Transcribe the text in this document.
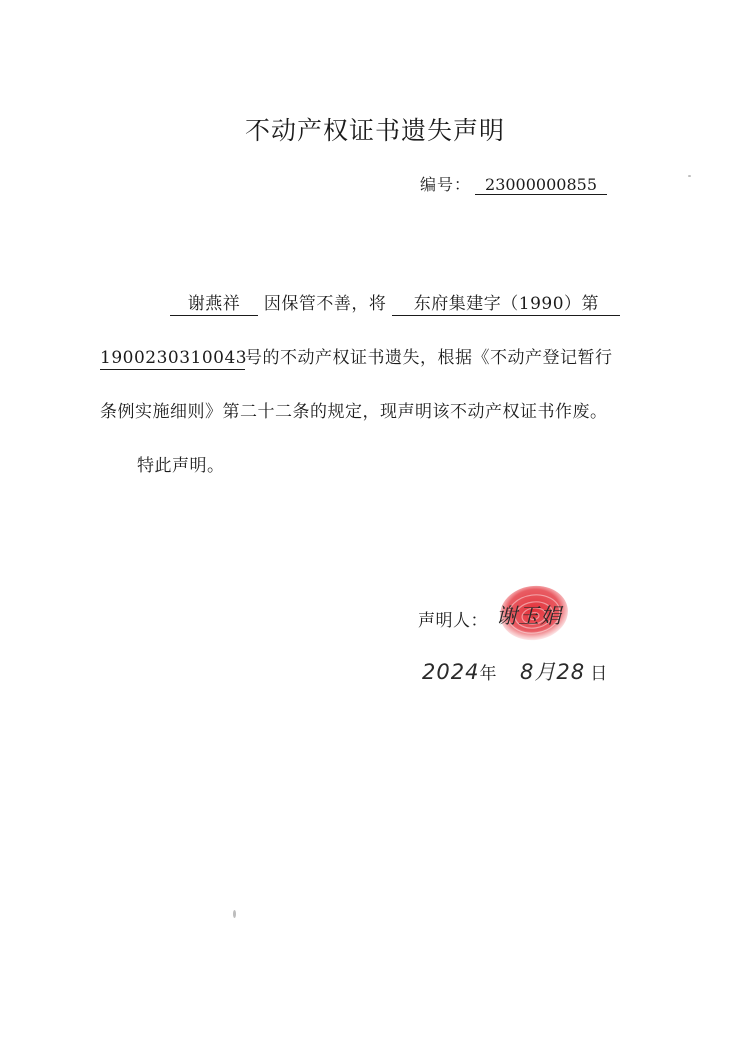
不动产权证书遗失声明
编号： 23000000855
谢燕祥 因保管不善，将 东府集建字（1990）第
1900230310043号的不动产权证书遗失，根据《不动产登记暂行
条例实施细则》第二十二条的规定，现声明该不动产权证书作废。
特此声明。
声明人： 谢玉娟
2024年 8月28 日
